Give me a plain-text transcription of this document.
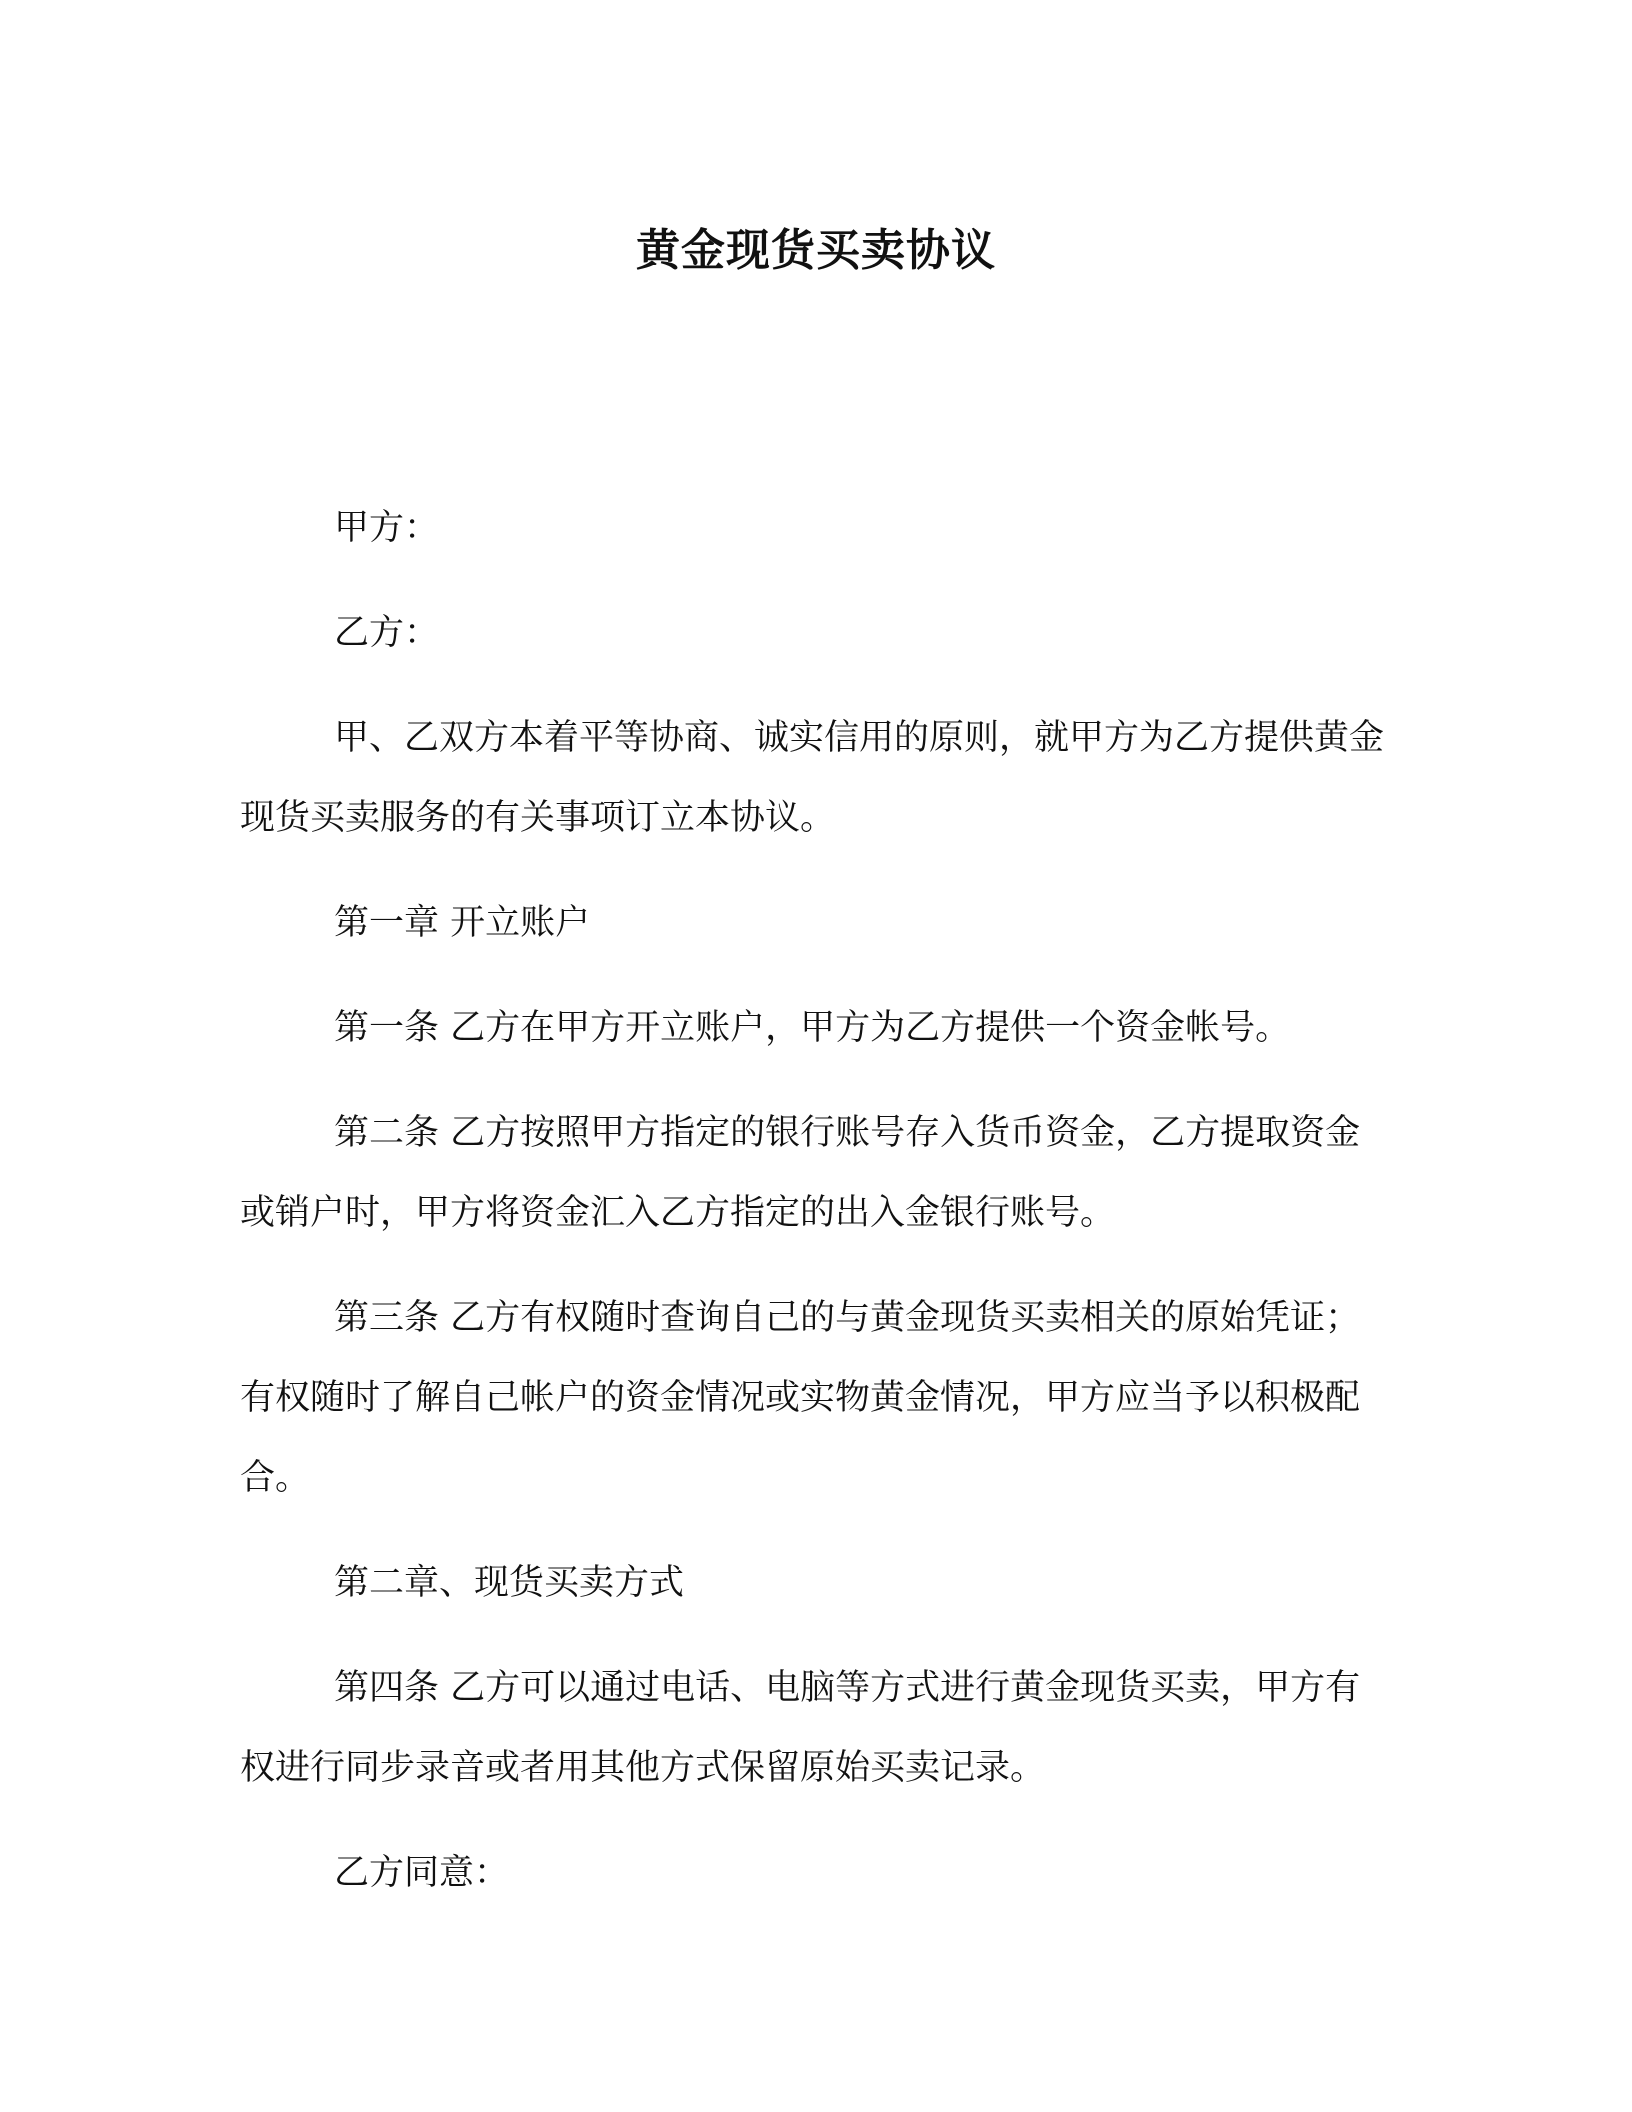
黄金现货买卖协议

甲方：

乙方：

甲、乙双方本着平等协商、诚实信用的原则，就甲方为乙方提供黄金现货买卖服务的有关事项订立本协议。

第一章 开立账户

第一条 乙方在甲方开立账户，甲方为乙方提供一个资金帐号。

第二条 乙方按照甲方指定的银行账号存入货币资金，乙方提取资金或销户时，甲方将资金汇入乙方指定的出入金银行账号。

第三条 乙方有权随时查询自己的与黄金现货买卖相关的原始凭证；有权随时了解自己帐户的资金情况或实物黄金情况，甲方应当予以积极配合。

第二章、现货买卖方式

第四条 乙方可以通过电话、电脑等方式进行黄金现货买卖，甲方有权进行同步录音或者用其他方式保留原始买卖记录。

乙方同意：
